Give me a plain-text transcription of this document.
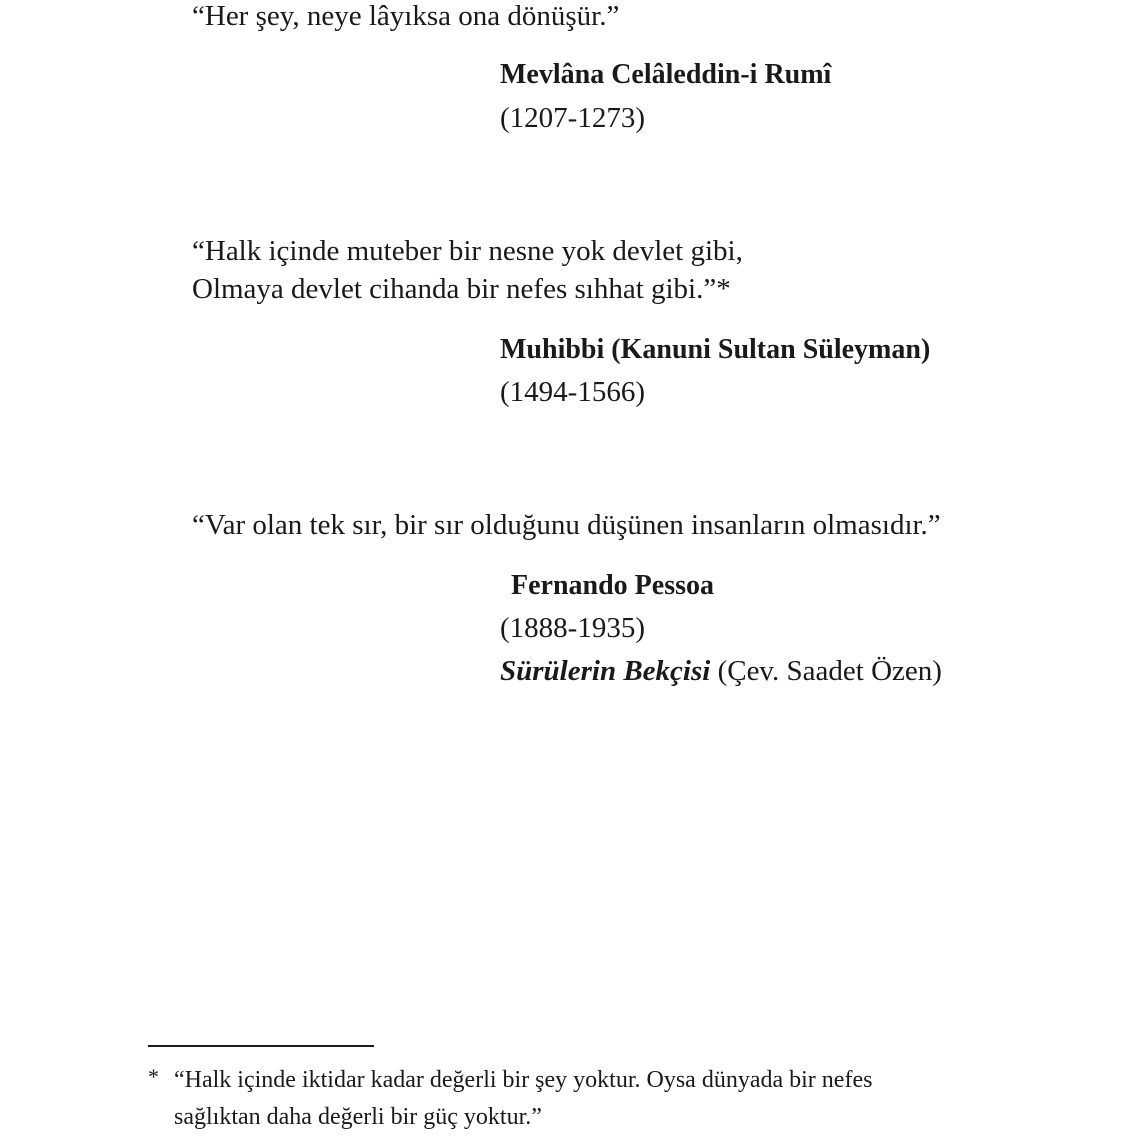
“Her şey, neye lâyıksa ona dönüşür.”
Mevlâna Celâleddin-i Rumî
(1207-1273)
“Halk içinde muteber bir nesne yok devlet gibi,
Olmaya devlet cihanda bir nefes sıhhat gibi.”*
Muhibbi (Kanuni Sultan Süleyman)
(1494-1566)
“Var olan tek sır, bir sır olduğunu düşünen insanların olmasıdır.”
Fernando Pessoa
(1888-1935)
Sürülerin Bekçisi (Çev. Saadet Özen)
* “Halk içinde iktidar kadar değerli bir şey yoktur. Oysa dünyada bir nefes
sağlıktan daha değerli bir güç yoktur.”
